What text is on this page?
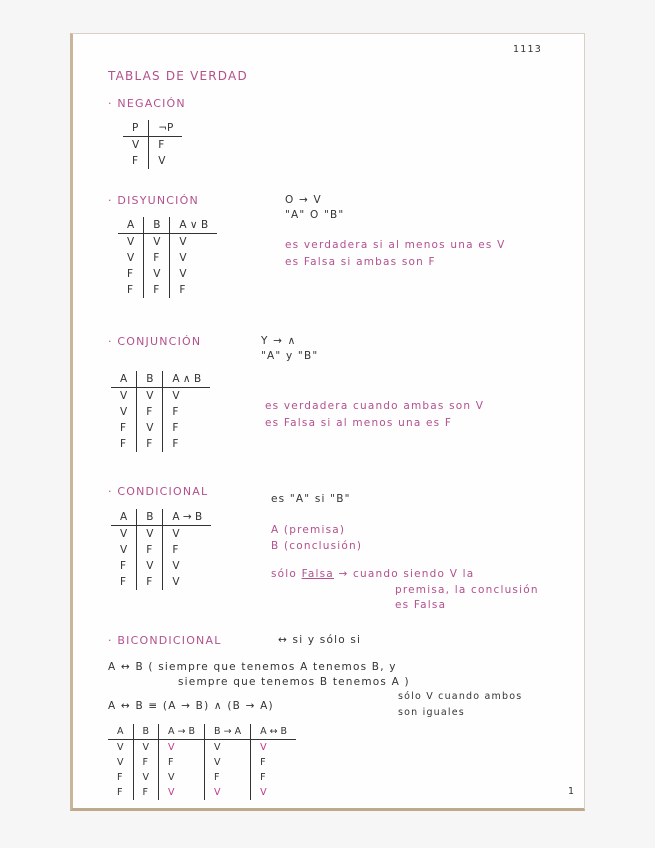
1113
TABLAS DE VERDAD
· NEGACIÓN
P	¬P
V	F
F	V
· DISYUNCIÓN	O → V
"A" O "B"
es verdadera si al menos una es V
es Falsa si ambas son F
A	B	A ∨ B
V	V	V
V	F	V
F	V	V
F	F	F
· CONJUNCIÓN	Y → ∧
"A" y "B"
es verdadera cuando ambas son V
es Falsa si al menos una es F
A	B	A ∧ B
V	V	V
V	F	F
F	V	F
F	F	F
· CONDICIONAL
es "A" si "B"
A (premisa)
B (conclusión)
sólo Falsa → cuando siendo V la
premisa, la conclusión
es Falsa
A	B	A → B
V	V	V
V	F	F
F	V	V
F	F	V
· BICONDICIONAL	↔ si y sólo si
A ↔ B ( siempre que tenemos A tenemos B, y
siempre que tenemos B tenemos A )
A ↔ B ≡ (A → B) ∧ (B → A)
sólo V cuando ambos
son iguales
A	B	A → B	B → A	A ↔ B
V	V	V	V	V
V	F	F	V	F
F	V	V	F	F
F	F	V	V	V	1
